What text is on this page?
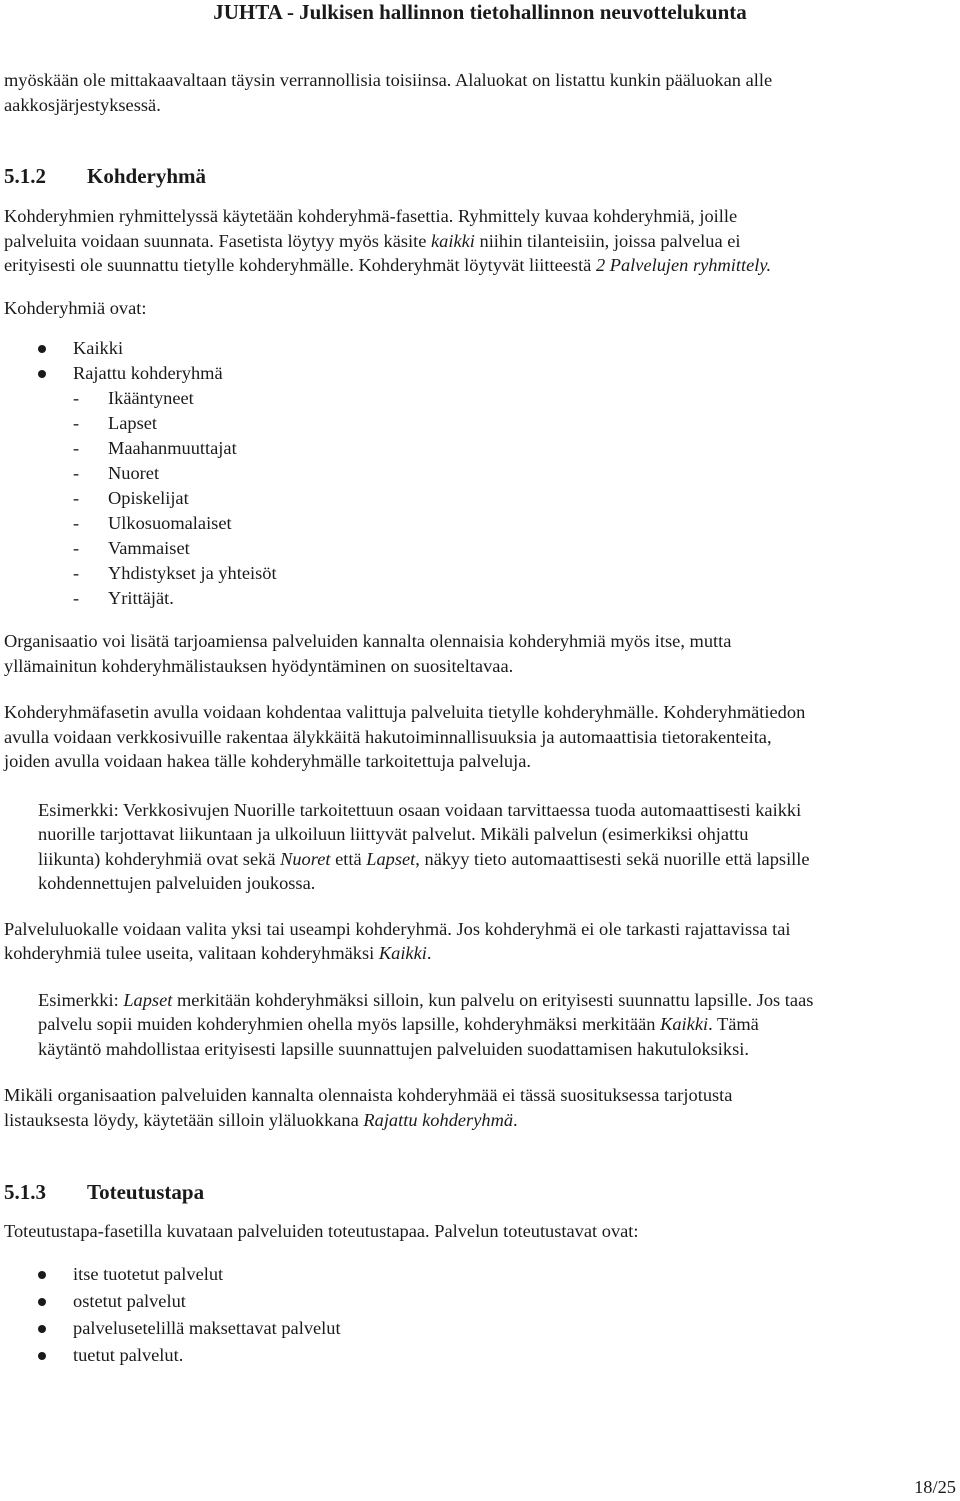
JUHTA - Julkisen hallinnon tietohallinnon neuvottelukunta

myöskään ole mittakaavaltaan täysin verrannollisia toisiinsa. Alaluokat on listattu kunkin pääluokan alle

aakkosjärjestyksessä.

5.1.2 Kohderyhmä

Kohderyhmien ryhmittelyssä käytetään kohderyhmä-fasettia. Ryhmittely kuvaa kohderyhmiä, joille

palveluita voidaan suunnata. Fasetista löytyy myös käsite kaikki niihin tilanteisiin, joissa palvelua ei

erityisesti ole suunnattu tietylle kohderyhmälle. Kohderyhmät löytyvät liitteestä 2 Palvelujen ryhmittely.

Kohderyhmiä ovat:

Kaikki
Rajattu kohderyhmä
- Ikääntyneet
- Lapset
- Maahanmuuttajat
- Nuoret
- Opiskelijat
- Ulkosuomalaiset
- Vammaiset
- Yhdistykset ja yhteisöt
- Yrittäjät.

Organisaatio voi lisätä tarjoamiensa palveluiden kannalta olennaisia kohderyhmiä myös itse, mutta

yllämainitun kohderyhmälistauksen hyödyntäminen on suositeltavaa.

Kohderyhmäfasetin avulla voidaan kohdentaa valittuja palveluita tietylle kohderyhmälle. Kohderyhmätiedon

avulla voidaan verkkosivuille rakentaa älykkäitä hakutoiminnallisuuksia ja automaattisia tietorakenteita,

joiden avulla voidaan hakea tälle kohderyhmälle tarkoitettuja palveluja.

Esimerkki: Verkkosivujen Nuorille tarkoitettuun osaan voidaan tarvittaessa tuoda automaattisesti kaikki

nuorille tarjottavat liikuntaan ja ulkoiluun liittyvät palvelut. Mikäli palvelun (esimerkiksi ohjattu

liikunta) kohderyhmiä ovat sekä Nuoret että Lapset, näkyy tieto automaattisesti sekä nuorille että lapsille

kohdennettujen palveluiden joukossa.

Palveluluokalle voidaan valita yksi tai useampi kohderyhmä. Jos kohderyhmä ei ole tarkasti rajattavissa tai

kohderyhmiä tulee useita, valitaan kohderyhmäksi Kaikki.

Esimerkki: Lapset merkitään kohderyhmäksi silloin, kun palvelu on erityisesti suunnattu lapsille. Jos taas

palvelu sopii muiden kohderyhmien ohella myös lapsille, kohderyhmäksi merkitään Kaikki. Tämä

käytäntö mahdollistaa erityisesti lapsille suunnattujen palveluiden suodattamisen hakutuloksiksi.

Mikäli organisaation palveluiden kannalta olennaista kohderyhmää ei tässä suosituksessa tarjotusta

listauksesta löydy, käytetään silloin yläluokkana Rajattu kohderyhmä.

5.1.3 Toteutustapa

Toteutustapa-fasetilla kuvataan palveluiden toteutustapaa. Palvelun toteutustavat ovat:

itse tuotetut palvelut
ostetut palvelut
palvelusetelillä maksettavat palvelut
tuetut palvelut.
18/25
